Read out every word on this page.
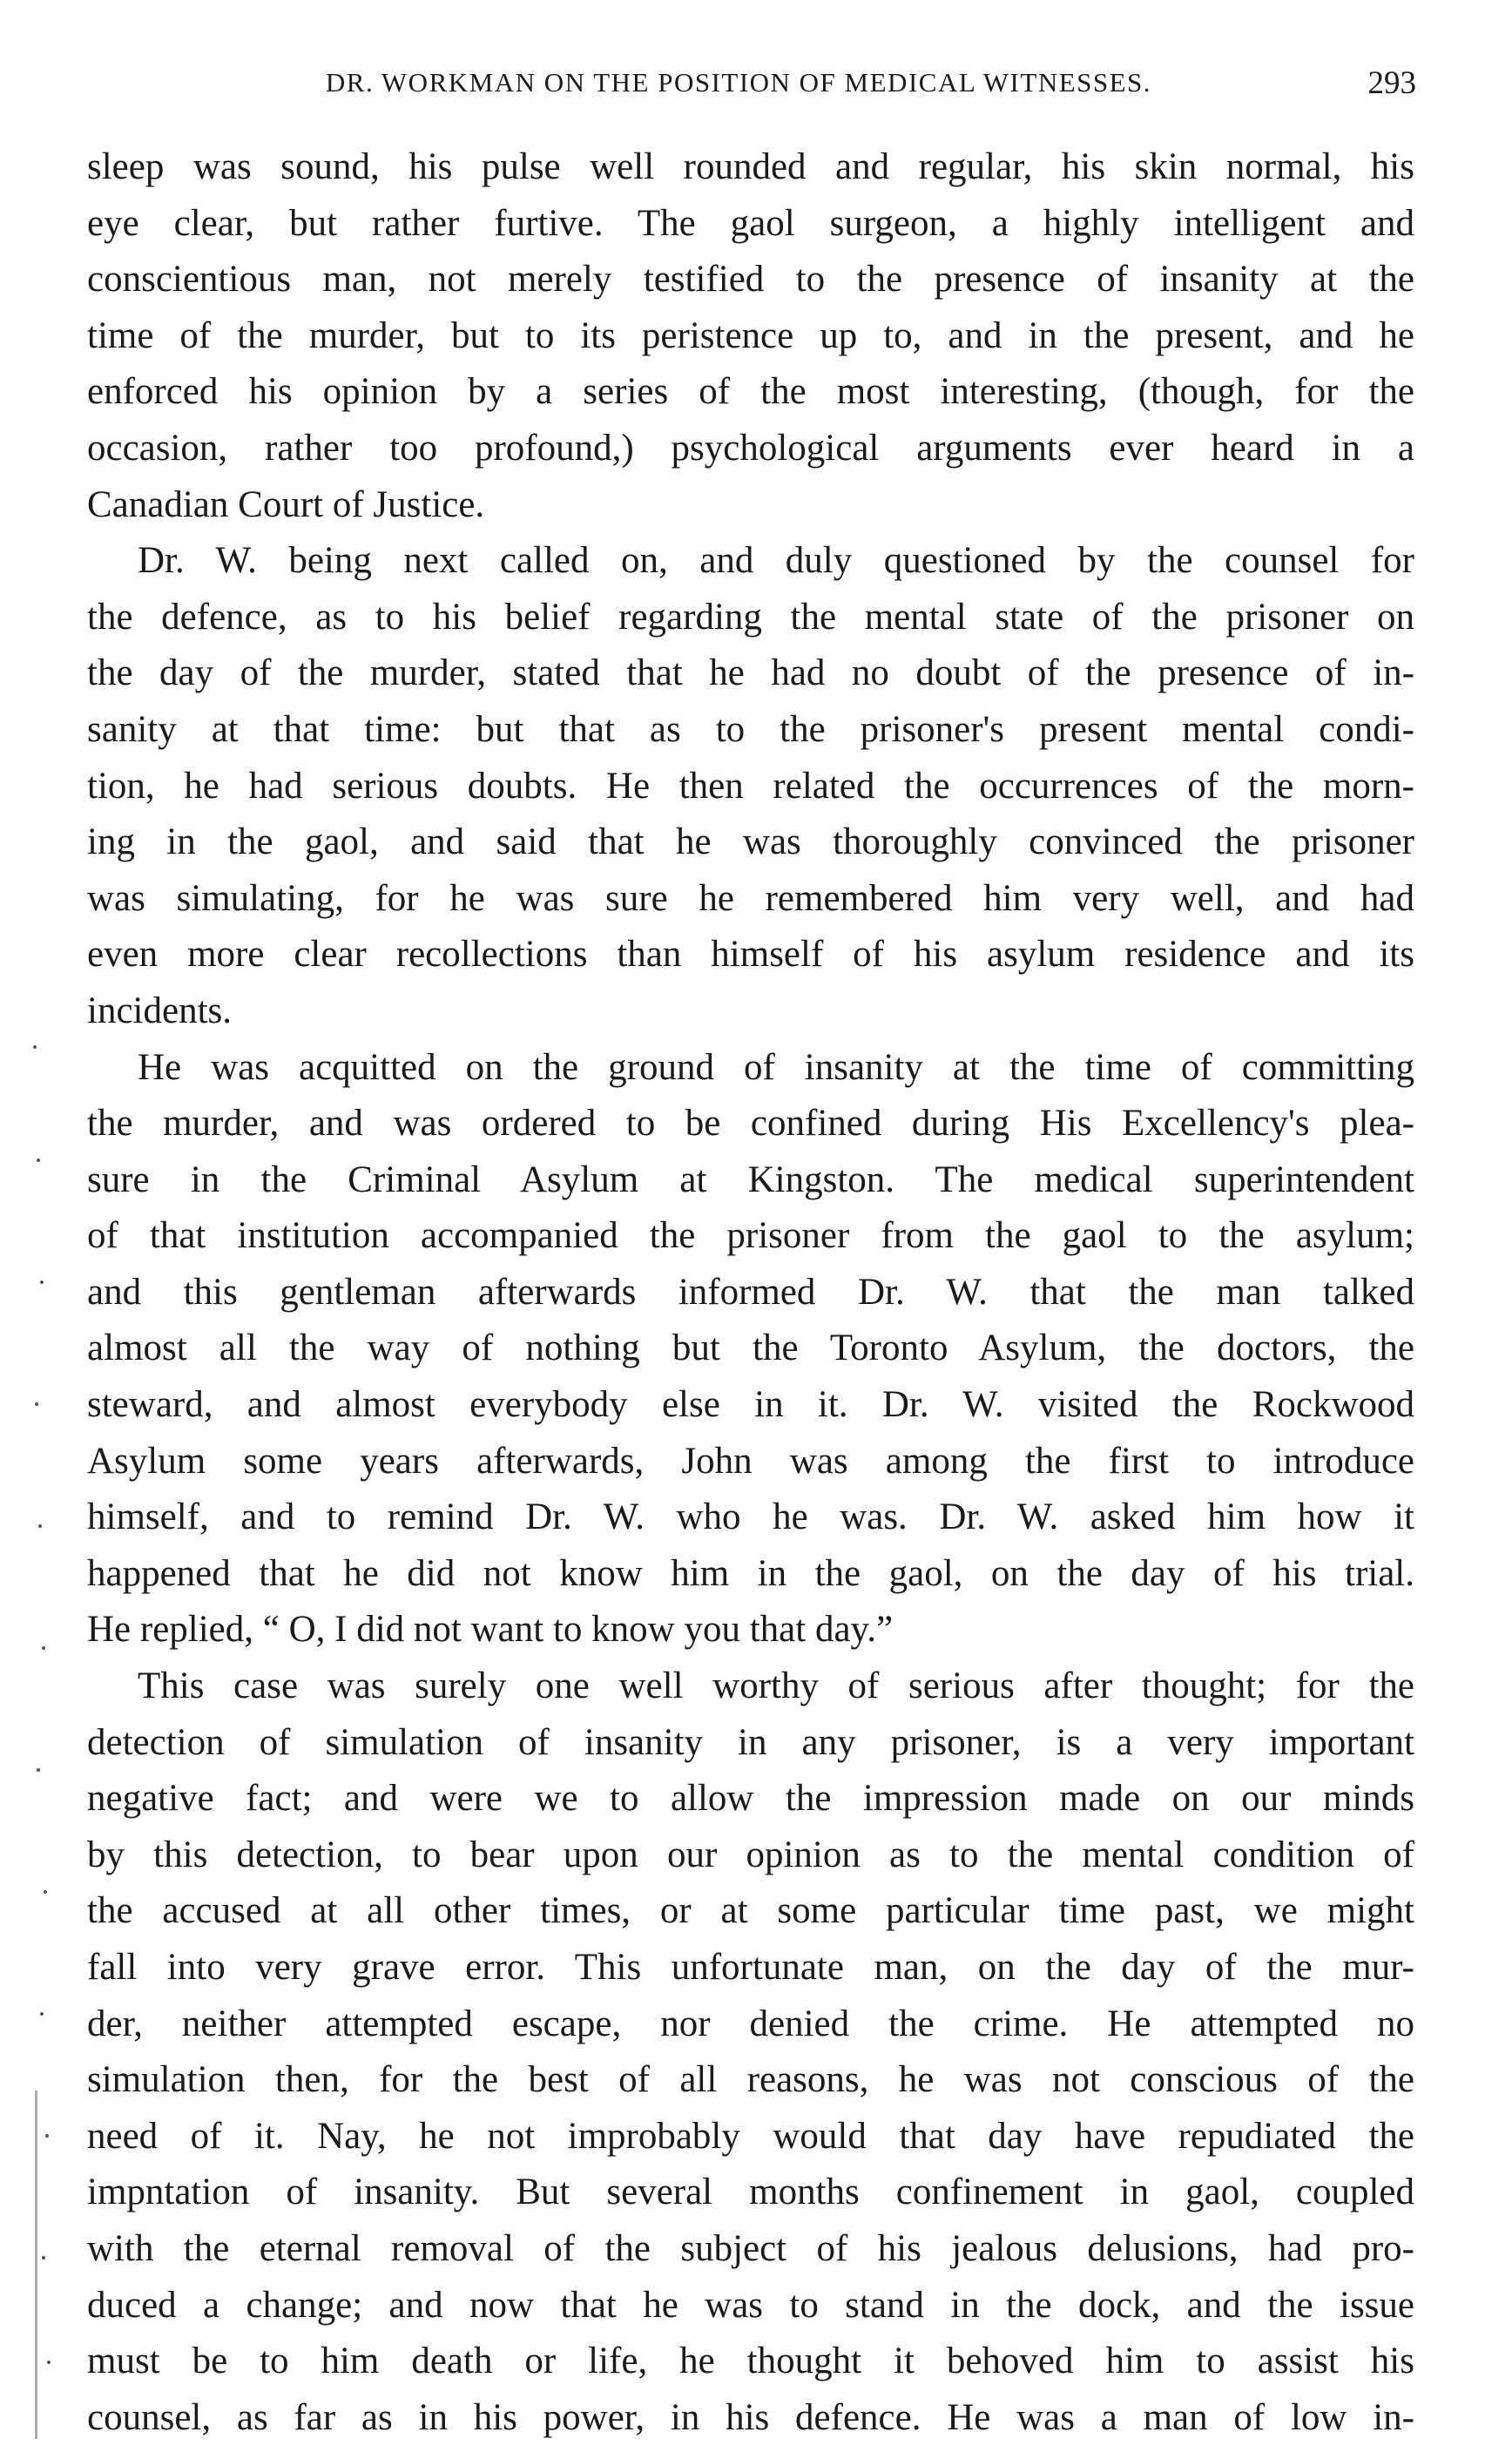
DR. WORKMAN ON THE POSITION OF MEDICAL WITNESSES.	293
sleep was sound, his pulse well rounded and regular, his skin normal, his
eye clear, but rather furtive. The gaol surgeon, a highly intelligent and
conscientious man, not merely testified to the presence of insanity at the
time of the murder, but to its peristence up to, and in the present, and he
enforced his opinion by a series of the most interesting, (though, for the
occasion, rather too profound,) psychological arguments ever heard in a
Canadian Court of Justice.
Dr. W. being next called on, and duly questioned by the counsel for
the defence, as to his belief regarding the mental state of the prisoner on
the day of the murder, stated that he had no doubt of the presence of in-
sanity at that time: but that as to the prisoner's present mental condi-
tion, he had serious doubts. He then related the occurrences of the morn-
ing in the gaol, and said that he was thoroughly convinced the prisoner
was simulating, for he was sure he remembered him very well, and had
even more clear recollections than himself of his asylum residence and its
incidents.
He was acquitted on the ground of insanity at the time of committing
the murder, and was ordered to be confined during His Excellency's plea-
sure in the Criminal Asylum at Kingston. The medical superintendent
of that institution accompanied the prisoner from the gaol to the asylum;
and this gentleman afterwards informed Dr. W. that the man talked
almost all the way of nothing but the Toronto Asylum, the doctors, the
steward, and almost everybody else in it. Dr. W. visited the Rockwood
Asylum some years afterwards, John was among the first to introduce
himself, and to remind Dr. W. who he was. Dr. W. asked him how it
happened that he did not know him in the gaol, on the day of his trial.
He replied, “ O, I did not want to know you that day.”
This case was surely one well worthy of serious after thought; for the
detection of simulation of insanity in any prisoner, is a very important
negative fact; and were we to allow the impression made on our minds
by this detection, to bear upon our opinion as to the mental condition of
the accused at all other times, or at some particular time past, we might
fall into very grave error. This unfortunate man, on the day of the mur-
der, neither attempted escape, nor denied the crime. He attempted no
simulation then, for the best of all reasons, he was not conscious of the
need of it. Nay, he not improbably would that day have repudiated the
impntation of insanity. But several months confinement in gaol, coupled
with the eternal removal of the subject of his jealous delusions, had pro-
duced a change; and now that he was to stand in the dock, and the issue
must be to him death or life, he thought it behoved him to assist his
counsel, as far as in his power, in his defence. He was a man of low in-
